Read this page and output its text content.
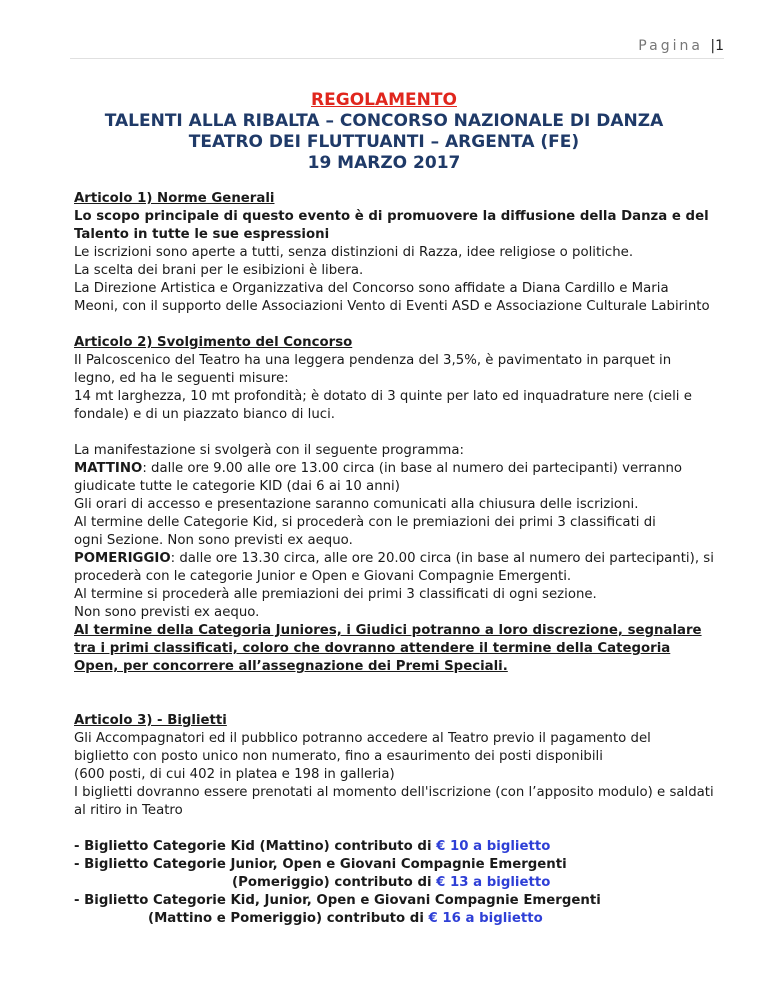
Pagina |1
REGOLAMENTO
TALENTI ALLA RIBALTA – CONCORSO NAZIONALE DI DANZA
TEATRO DEI FLUTTUANTI – ARGENTA (FE)
19 MARZO 2017

Articolo 1) Norme Generali

Lo scopo principale di questo evento è di promuovere la diffusione della Danza e del

Talento in tutte le sue espressioni

Le iscrizioni sono aperte a tutti, senza distinzioni di Razza, idee religiose o politiche.

La scelta dei brani per le esibizioni è libera.

La Direzione Artistica e Organizzativa del Concorso sono affidate a Diana Cardillo e Maria

Meoni, con il supporto delle Associazioni Vento di Eventi ASD e Associazione Culturale Labirinto

Articolo 2) Svolgimento del Concorso

Il Palcoscenico del Teatro ha una leggera pendenza del 3,5%, è pavimentato in parquet in

legno, ed ha le seguenti misure:

14 mt larghezza, 10 mt profondità; è dotato di 3 quinte per lato ed inquadrature nere (cieli e

fondale) e di un piazzato bianco di luci.

La manifestazione si svolgerà con il seguente programma:

MATTINO: dalle ore 9.00 alle ore 13.00 circa (in base al numero dei partecipanti) verranno

giudicate tutte le categorie KID (dai 6 ai 10 anni)

Gli orari di accesso e presentazione saranno comunicati alla chiusura delle iscrizioni.

Al termine delle Categorie Kid, si procederà con le premiazioni dei primi 3 classificati di

ogni Sezione. Non sono previsti ex aequo.

POMERIGGIO: dalle ore 13.30 circa, alle ore 20.00 circa (in base al numero dei partecipanti), si

procederà con le categorie Junior e Open e Giovani Compagnie Emergenti.

Al termine si procederà alle premiazioni dei primi 3 classificati di ogni sezione.

Non sono previsti ex aequo.

Al termine della Categoria Juniores, i Giudici potranno a loro discrezione, segnalare

tra i primi classificati, coloro che dovranno attendere il termine della Categoria

Open, per concorrere all’assegnazione dei Premi Speciali.

Articolo 3) - Biglietti

Gli Accompagnatori ed il pubblico potranno accedere al Teatro previo il pagamento del

biglietto con posto unico non numerato, fino a esaurimento dei posti disponibili

(600 posti, di cui 402 in platea e 198 in galleria)

I biglietti dovranno essere prenotati al momento dell'iscrizione (con l’apposito modulo) e saldati

al ritiro in Teatro

- Biglietto Categorie Kid (Mattino) contributo di € 10 a biglietto

- Biglietto Categorie Junior, Open e Giovani Compagnie Emergenti

(Pomeriggio) contributo di € 13 a biglietto

- Biglietto Categorie Kid, Junior, Open e Giovani Compagnie Emergenti

(Mattino e Pomeriggio) contributo di € 16 a biglietto
